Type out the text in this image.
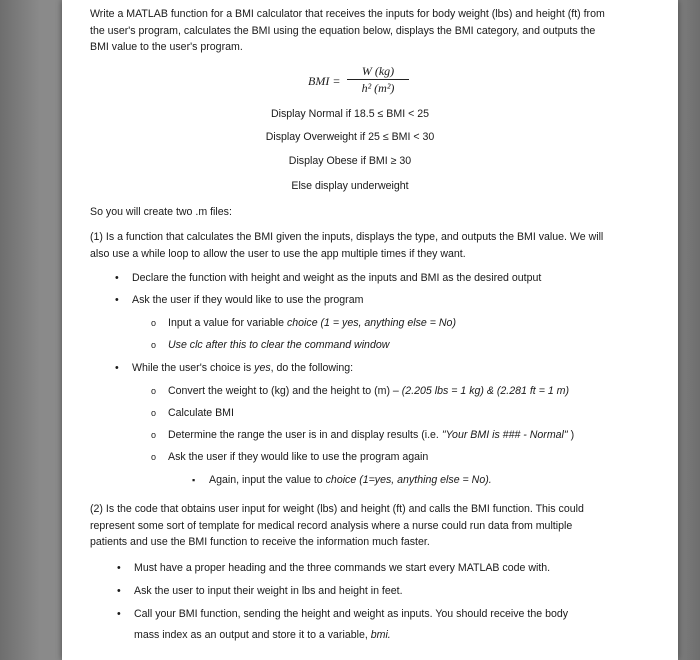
Write a MATLAB function for a BMI calculator that receives the inputs for body weight (lbs) and height (ft) from the user's program, calculates the BMI using the equation below, displays the BMI category, and outputs the BMI value to the user's program.

BMI = $\frac{W (kg)}{\text{h² (m²)}}$

Display Normal if 18.5 ≤ BMI < 25

Display Overweight if 25 ≤ BMI < 30

Display Obese if BMI ≥ 30

Else display underweight

So you will create two .m files:

(1) Is a function that calculates the BMI given the inputs, displays the type, and outputs the BMI value. We will also use a while loop to allow the user to use the app multiple times if they want.

• Declare the function with height and weight as the inputs and BMI as the desired output
• Ask the user if they would like to use the program
o Input a value for variable choice (1 = yes, anything else = No)
o Use clc after this to clear the command window
• While the user's choice is yes, do the following:
o Convert the weight to (kg) and the height to (m) – (2.205 lbs = 1 kg) & (2.281 ft = 1 m)
o Calculate BMI
o Determine the range the user is in and display results (i.e. "Your BMI is ### - Normal" )
o Ask the user if they would like to use the program again
▪ Again, input the value to choice (1=yes, anything else = No).

(2) Is the code that obtains user input for weight (lbs) and height (ft) and calls the BMI function. This could represent some sort of template for medical record analysis where a nurse could run data from multiple patients and use the BMI function to receive the information much faster.

• Must have a proper heading and the three commands we start every MATLAB code with.
• Ask the user to input their weight in lbs and height in feet.
• Call your BMI function, sending the height and weight as inputs. You should receive the body
mass index as an output and store it to a variable, bmi.
